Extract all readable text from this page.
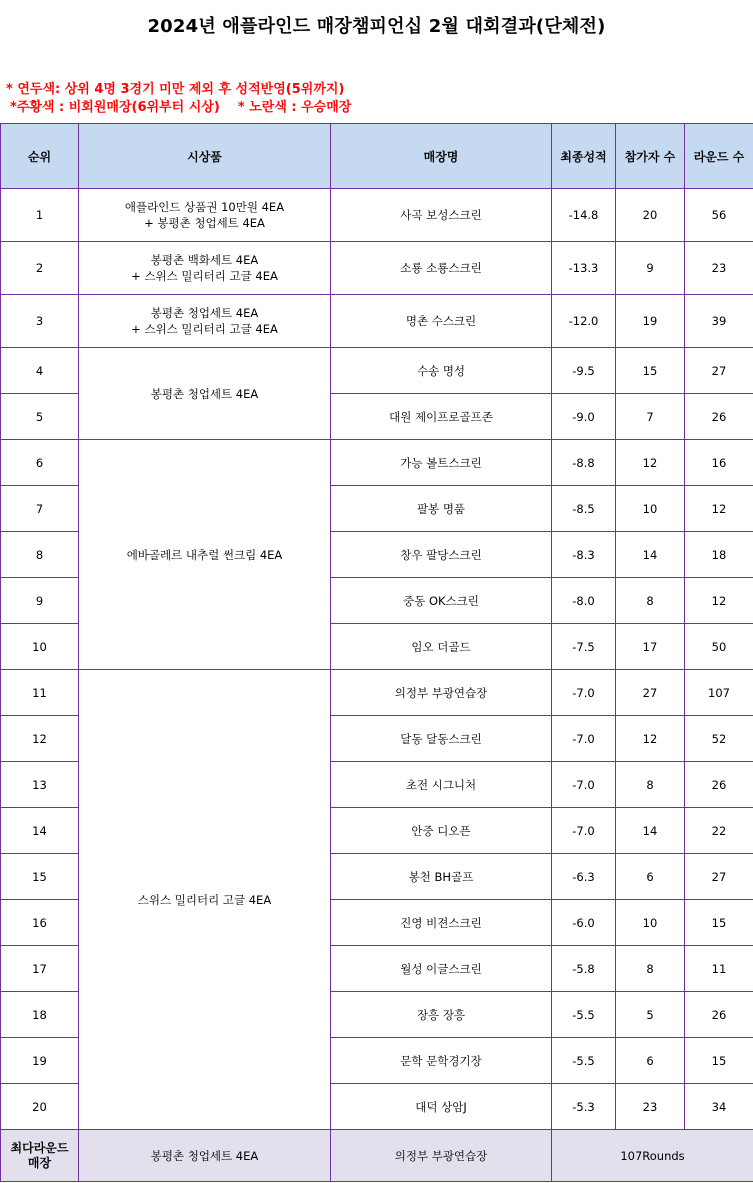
2024년 애플라인드 매장챔피언십 2월 대회결과(단체전)
* 연두색: 상위 4명 3경기 미만 제외 후 성적반영(5위까지)
*주황색 : 비회원매장(6위부터 시상) * 노란색 : 우승매장
순위	시상품	매장명	최종성적	참가자 수	라운드 수
1	애플라인드 상품권 10만원 4EA
+ 봉평촌 청업세트 4EA	사곡 보성스크린	-14.8	20	56
2	봉평촌 백화세트 4EA
+ 스위스 밀리터리 고글 4EA	소룡 소룡스크린	-13.3	9	23
3	봉평촌 청업세트 4EA
+ 스위스 밀리터리 고글 4EA	명촌 수스크린	-12.0	19	39
4	봉평촌 청업세트 4EA	수송 명성	-9.5	15	27
5		대원 제이프로골프존	-9.0	7	26
6	에바골레르 내추럴 썬크림 4EA	가능 볼트스크린	-8.8	12	16
7		팔봉 명품	-8.5	10	12
8		창우 팔당스크린	-8.3	14	18
9		중동 OK스크린	-8.0	8	12
10		임오 더골드	-7.5	17	50
11	스위스 밀리터리 고글 4EA	의정부 부광연습장	-7.0	27	107
12		달동 달동스크린	-7.0	12	52
13		초전 시그니처	-7.0	8	26
14		안중 디오픈	-7.0	14	22
15		봉천 BH골프	-6.3	6	27
16		진영 비젼스크린	-6.0	10	15
17		월성 이글스크린	-5.8	8	11
18		장흥 장흥	-5.5	5	26
19		문학 문학경기장	-5.5	6	15
20		대덕 상암J	-5.3	23	34
최다라운드
매장	봉평촌 청업세트 4EA	의정부 부광연습장	107Rounds		
